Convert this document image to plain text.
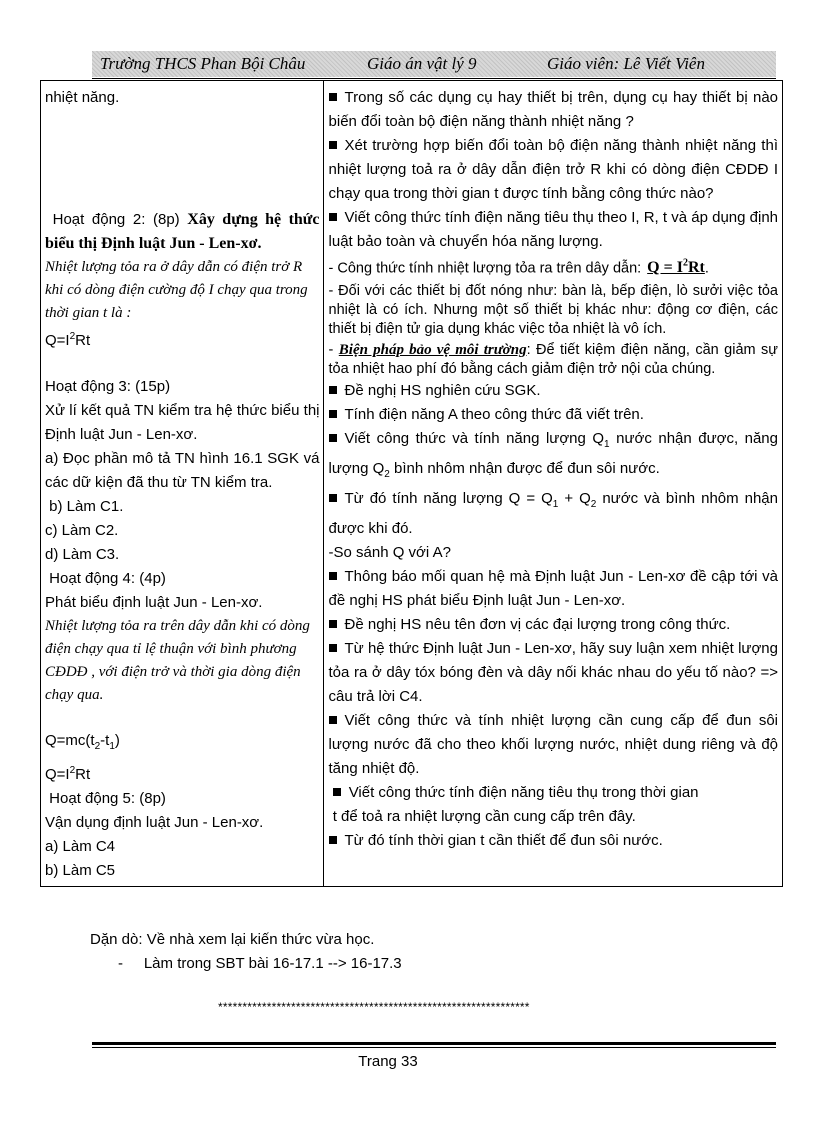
Trường THCS Phan Bội Châu	Giáo án vật lý 9	Giáo viên: Lê Viết Viên

nhiệt năng.

Hoạt động 2: (8p) Xây dựng hệ thức biểu thị Định luật Jun - Len-xơ.

Nhiệt lượng tỏa ra ở dây dẫn có điện trở R khi có dòng điện cường độ I chạy qua trong thời gian t là :

$Q=I^2Rt$

Hoạt động 3: (15p)

Xử lí kết quả TN kiểm tra hệ thức biểu thị Định luật Jun - Len-xơ.

a) Đọc phần mô tả TN hình 16.1 SGK vá các dữ kiện đã thu từ TN kiểm tra.

b) Làm C1.

c) Làm C2.

d) Làm C3.

Hoạt động 4: (4p)

Phát biểu định luật Jun - Len-xơ.

Nhiệt lượng tỏa ra trên dây dẫn khi có dòng điện chạy qua tỉ lệ thuận với bình phương CĐDĐ , với điện trở và thời gia dòng điện chạy qua.

$Q=mc(t_2-t_1)$

$Q=I^2Rt$

Hoạt động 5: (8p)

Vận dụng định luật Jun - Len-xơ.

a) Làm C4

b) Làm C5

Trong số các dụng cụ hay thiết bị trên, dụng cụ hay thiết bị nào biến đổi toàn bộ điện năng thành nhiệt năng ?

Xét trường hợp biến đổi toàn bộ điện năng thành nhiệt năng thì nhiệt lượng toả ra ở dây dẫn điện trở R khi có dòng điện CĐDĐ I chạy qua trong thời gian t được tính bằng công thức nào?

Viết công thức tính điện năng tiêu thụ theo I, R, t và áp dụng định luật bảo toàn và chuyển hóa năng lượng.

- Công thức tính nhiệt lượng tỏa ra trên dây dẫn: $Q = I^2Rt$.

- Đối với các thiết bị đốt nóng như: bàn là, bếp điện, lò sưởi việc tỏa nhiệt là có ích. Nhưng một số thiết bị khác như: động cơ điện, các thiết bị điện tử gia dụng khác việc tỏa nhiệt là vô ích.

- Biện pháp bảo vệ môi trường: Để tiết kiệm điện năng, cần giảm sự tỏa nhiệt hao phí đó bằng cách giảm điện trở nội của chúng.

Đề nghị HS nghiên cứu SGK.

Tính điện năng A theo công thức đã viết trên.

Viết công thức và tính năng lượng $Q_1$ nước nhận được, năng lượng $Q_2$ bình nhôm nhận được để đun sôi nước.

Từ đó tính năng lượng $Q = Q_1 + Q_2$ nước và bình nhôm nhận được khi đó.

-So sánh Q với A?

Thông báo mối quan hệ mà Định luật Jun - Len-xơ đề cập tới và đề nghị HS phát biểu Định luật Jun - Len-xơ.

Đề nghị HS nêu tên đơn vị các đại lượng trong công thức.

Từ hệ thức Định luật Jun - Len-xơ, hãy suy luận xem nhiệt lượng tỏa ra ở dây tóx bóng đèn và dây nối khác nhau do yếu tố nào? => câu trả lời C4.

Viết công thức và tính nhiệt lượng cần cung cấp để đun sôi lượng nước đã cho theo khối lượng nước, nhiệt dung riêng và độ tăng nhiệt độ.

Viết công thức tính điện năng tiêu thụ trong thời gian

t để toả ra nhiệt lượng cần cung cấp trên đây.

Từ đó tính thời gian t cần thiết để đun sôi nước.

Dặn dò: Về nhà xem lại kiến thức vừa học.
- Làm trong SBT bài 16-17.1 --> 16-17.3
****************************************************************
Trang 33
